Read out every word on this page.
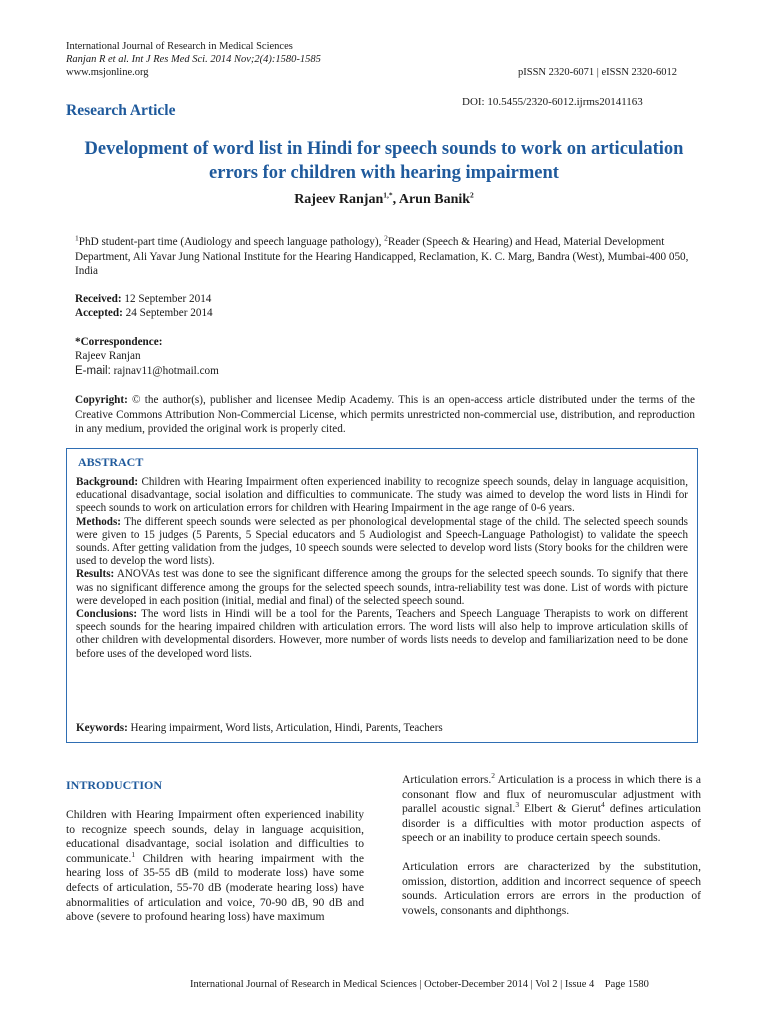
International Journal of Research in Medical Sciences
Ranjan R et al. Int J Res Med Sci. 2014 Nov;2(4):1580-1585
www.msjonline.org	pISSN 2320-6071 | eISSN 2320-6012
Research Article	DOI: 10.5455/2320-6012.ijrms20141163
Development of word list in Hindi for speech sounds to work on articulation errors for children with hearing impairment
Rajeev Ranjan$^{1,*}$, Arun Banik$^2$
$^1$PhD student-part time (Audiology and speech language pathology), $^2$Reader (Speech & Hearing) and Head, Material Development Department, Ali Yavar Jung National Institute for the Hearing Handicapped, Reclamation, K. C. Marg, Bandra (West), Mumbai-400 050, India
Received: 12 September 2014
Accepted: 24 September 2014
*Correspondence:
Rajeev Ranjan
E-mail: rajnav11@hotmail.com
Copyright: © the author(s), publisher and licensee Medip Academy. This is an open-access article distributed under the terms of the Creative Commons Attribution Non-Commercial License, which permits unrestricted non-commercial use, distribution, and reproduction in any medium, provided the original work is properly cited.
ABSTRACT

Background: Children with Hearing Impairment often experienced inability to recognize speech sounds, delay in language acquisition, educational disadvantage, social isolation and difficulties to communicate. The study was aimed to develop the word lists in Hindi for speech sounds to work on articulation errors for children with Hearing Impairment in the age range of 0-6 years.

Methods: The different speech sounds were selected as per phonological developmental stage of the child. The selected speech sounds were given to 15 judges (5 Parents, 5 Special educators and 5 Audiologist and Speech-Language Pathologist) to validate the speech sounds. After getting validation from the judges, 10 speech sounds were selected to develop word lists (Story books for the children were used to develop the word lists).

Results: ANOVAs test was done to see the significant difference among the groups for the selected speech sounds. To signify that there was no significant difference among the groups for the selected speech sounds, intra-reliability test was done. List of words with picture were developed in each position (initial, medial and final) of the selected speech sound.

Conclusions: The word lists in Hindi will be a tool for the Parents, Teachers and Speech Language Therapists to work on different speech sounds for the hearing impaired children with articulation errors. The word lists will also help to improve articulation skills of other children with developmental disorders. However, more number of words lists needs to develop and familiarization need to be done before uses of the developed word lists.

Keywords: Hearing impairment, Word lists, Articulation, Hindi, Parents, Teachers
INTRODUCTION

Children with Hearing Impairment often experienced inability to recognize speech sounds, delay in language acquisition, educational disadvantage, social isolation and difficulties to communicate.$^1$ Children with hearing impairment with the hearing loss of 35-55 dB (mild to moderate loss) have some defects of articulation, 55-70 dB (moderate hearing loss) have abnormalities of articulation and voice, 70-90 dB, 90 dB and above (severe to profound hearing loss) have maximum

Articulation errors.$^2$ Articulation is a process in which there is a consonant flow and flux of neuromuscular adjustment with parallel acoustic signal.$^3$ Elbert & Gierut$^4$ defines articulation disorder is a difficulties with motor production aspects of speech or an inability to produce certain speech sounds.

Articulation errors are characterized by the substitution, omission, distortion, addition and incorrect sequence of speech sounds. Articulation errors are errors in the production of vowels, consonants and diphthongs.

International Journal of Research in Medical Sciences | October-December 2014 | Vol 2 | Issue 4    Page 1580
